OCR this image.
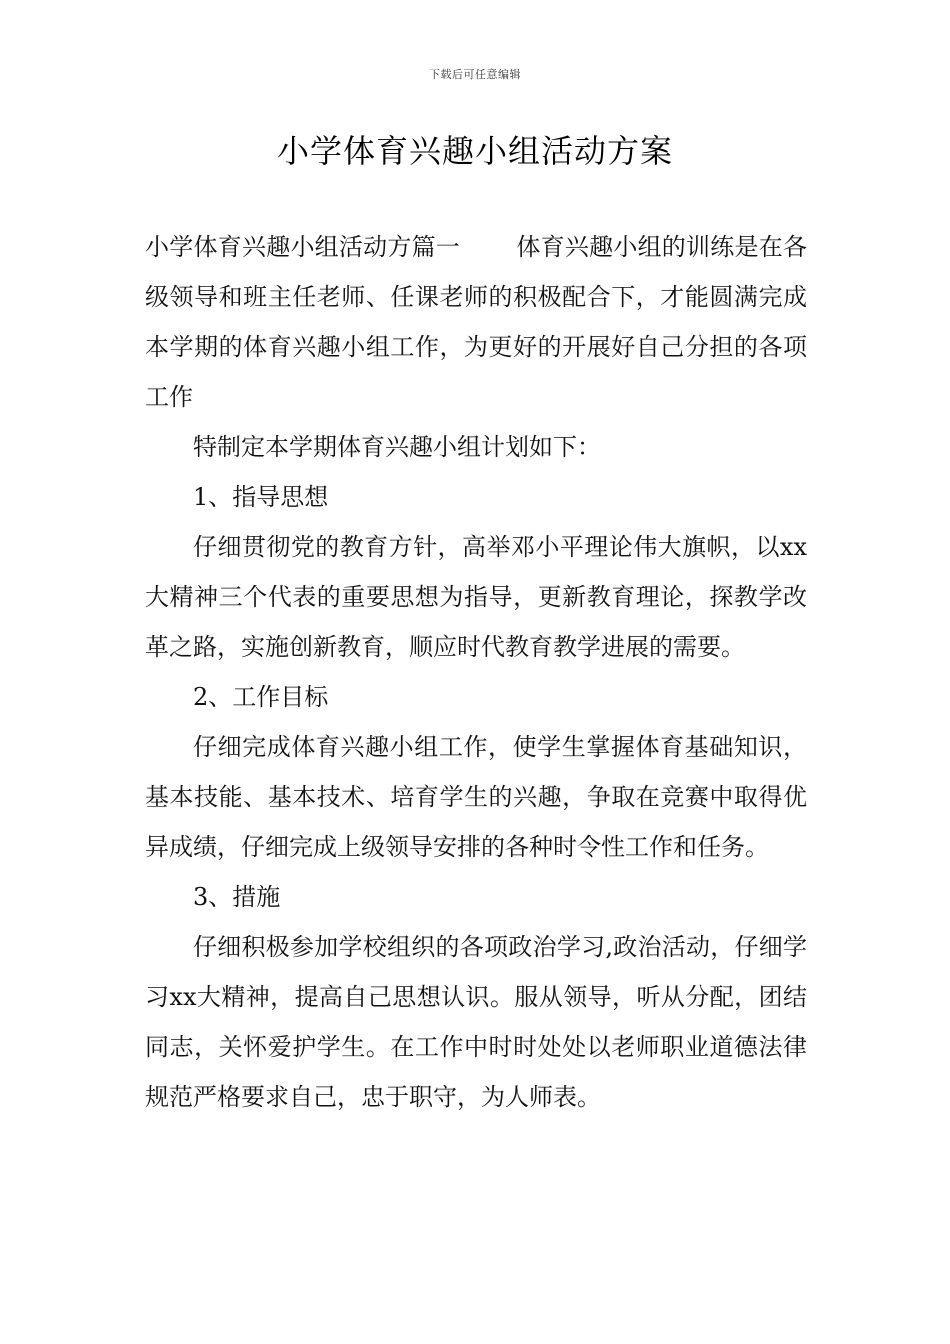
下载后可任意编辑
小学体育兴趣小组活动方案

小学体育兴趣小组活动方篇一 体育兴趣小组的训练是在各级领导和班主任老师、任课老师的积极配合下，才能圆满完成本学期的体育兴趣小组工作，为更好的开展好自己分担的各项工作

特制定本学期体育兴趣小组计划如下：

1、指导思想

仔细贯彻党的教育方针，高举邓小平理论伟大旗帜，以xx大精神三个代表的重要思想为指导，更新教育理论，探教学改革之路，实施创新教育，顺应时代教育教学进展的需要。

2、工作目标

仔细完成体育兴趣小组工作，使学生掌握体育基础知识，基本技能、基本技术、培育学生的兴趣，争取在竞赛中取得优异成绩，仔细完成上级领导安排的各种时令性工作和任务。

3、措施

仔细积极参加学校组织的各项政治学习,政治活动，仔细学习xx大精神，提高自己思想认识。服从领导，听从分配，团结同志，关怀爱护学生。在工作中时时处处以老师职业道德法律规范严格要求自己，忠于职守，为人师表。
